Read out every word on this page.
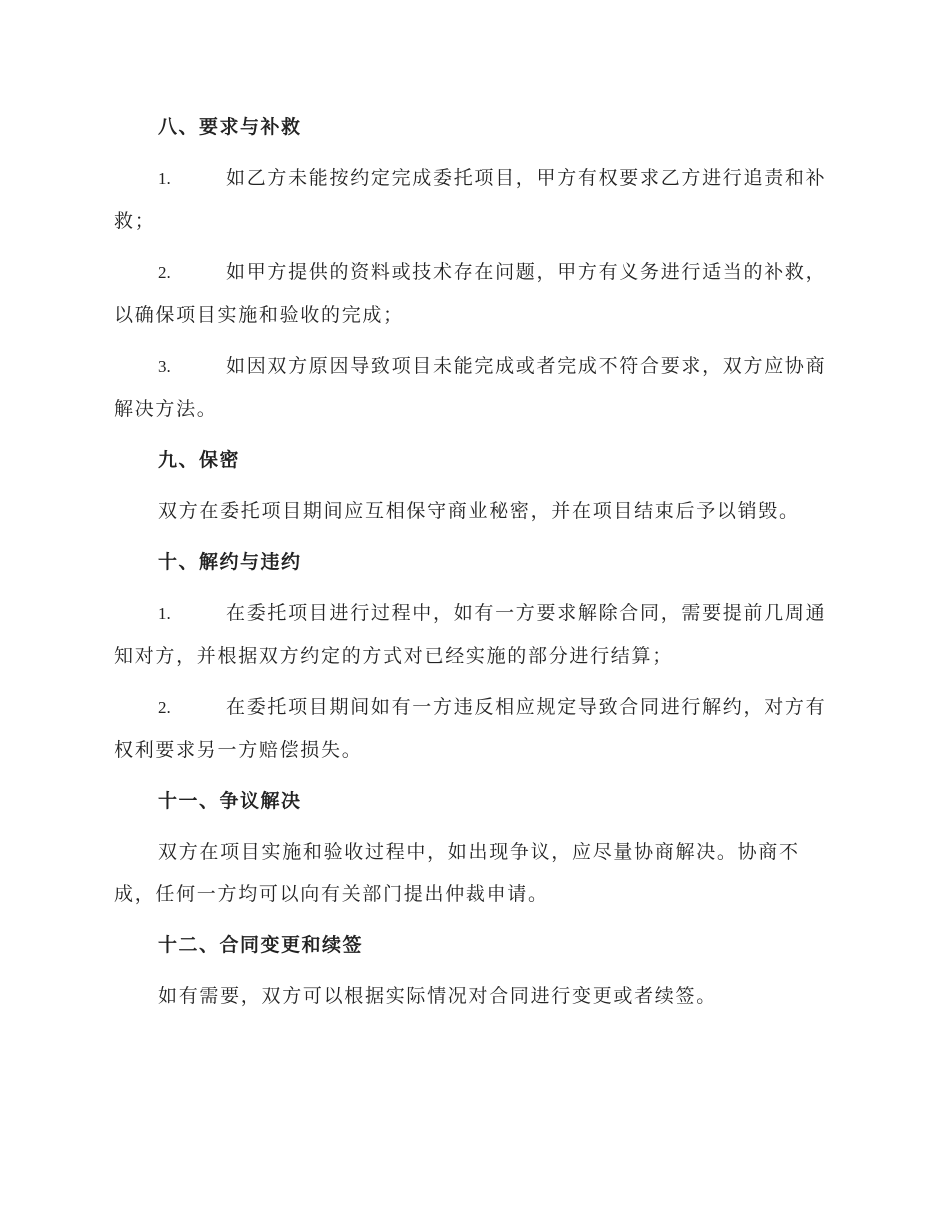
八、要求与补救
1.	如乙方未能按约定完成委托项目，甲方有权要求乙方进行追责和补救；
2.	如甲方提供的资料或技术存在问题，甲方有义务进行适当的补救，以确保项目实施和验收的完成；
3.	如因双方原因导致项目未能完成或者完成不符合要求，双方应协商解决方法。
九、保密
双方在委托项目期间应互相保守商业秘密，并在项目结束后予以销毁。
十、解约与违约
1.	在委托项目进行过程中，如有一方要求解除合同，需要提前几周通知对方，并根据双方约定的方式对已经实施的部分进行结算；
2.	在委托项目期间如有一方违反相应规定导致合同进行解约，对方有权利要求另一方赔偿损失。
十一、争议解决
双方在项目实施和验收过程中，如出现争议，应尽量协商解决。协商不成，任何一方均可以向有关部门提出仲裁申请。
十二、合同变更和续签
如有需要，双方可以根据实际情况对合同进行变更或者续签。
